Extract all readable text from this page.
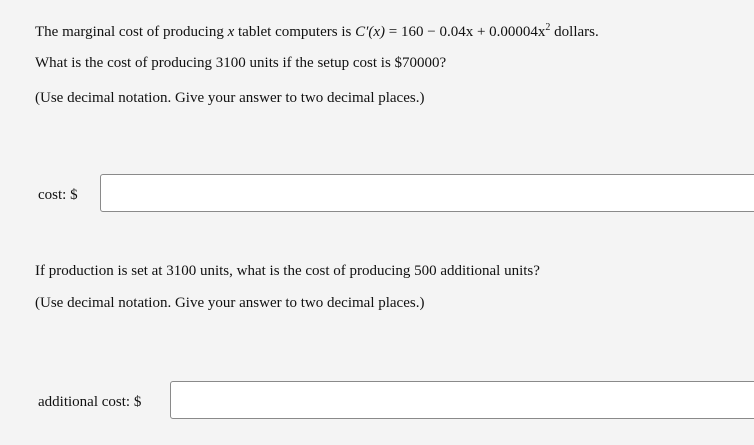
The marginal cost of producing x tablet computers is $C'(x) = 160 - 0.04x + 0.00004x^2$ dollars.
What is the cost of producing 3100 units if the setup cost is $70000?
(Use decimal notation. Give your answer to two decimal places.)
cost: $
If production is set at 3100 units, what is the cost of producing 500 additional units?
(Use decimal notation. Give your answer to two decimal places.)
additional cost: $
